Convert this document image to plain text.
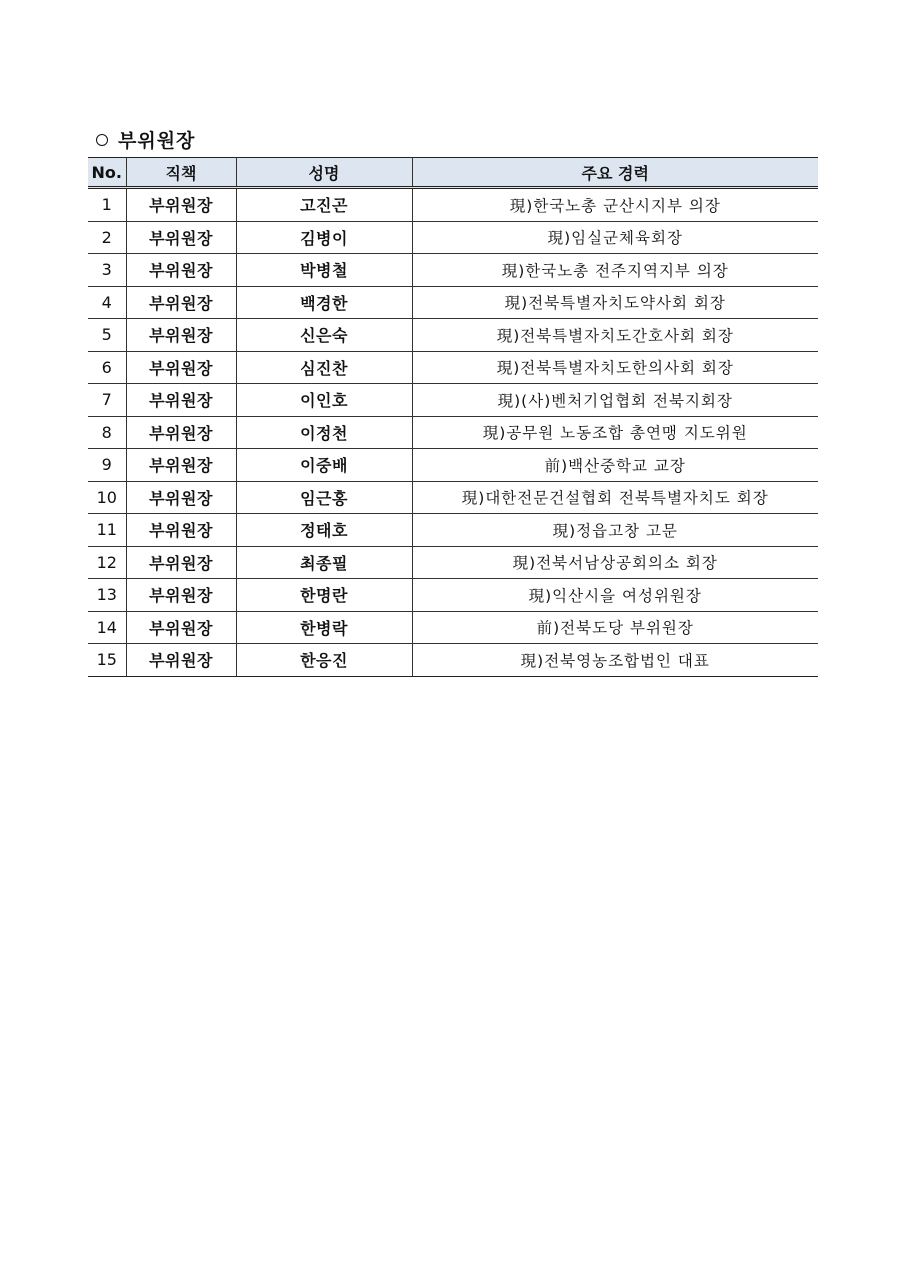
부위원장
No.	직책	성명	주요 경력
1	부위원장	고진곤	現)한국노총 군산시지부 의장
2	부위원장	김병이	現)임실군체육회장
3	부위원장	박병철	現)한국노총 전주지역지부 의장
4	부위원장	백경한	現)전북특별자치도약사회 회장
5	부위원장	신은숙	現)전북특별자치도간호사회 회장
6	부위원장	심진찬	現)전북특별자치도한의사회 회장
7	부위원장	이인호	現)(사)벤처기업협회 전북지회장
8	부위원장	이정천	現)공무원 노동조합 총연맹 지도위원
9	부위원장	이중배	前)백산중학교 교장
10	부위원장	임근홍	現)대한전문건설협회 전북특별자치도 회장
11	부위원장	정태호	現)정읍고창 고문
12	부위원장	최종필	現)전북서남상공회의소 회장
13	부위원장	한명란	現)익산시을 여성위원장
14	부위원장	한병락	前)전북도당 부위원장
15	부위원장	한응진	現)전북영농조합법인 대표
